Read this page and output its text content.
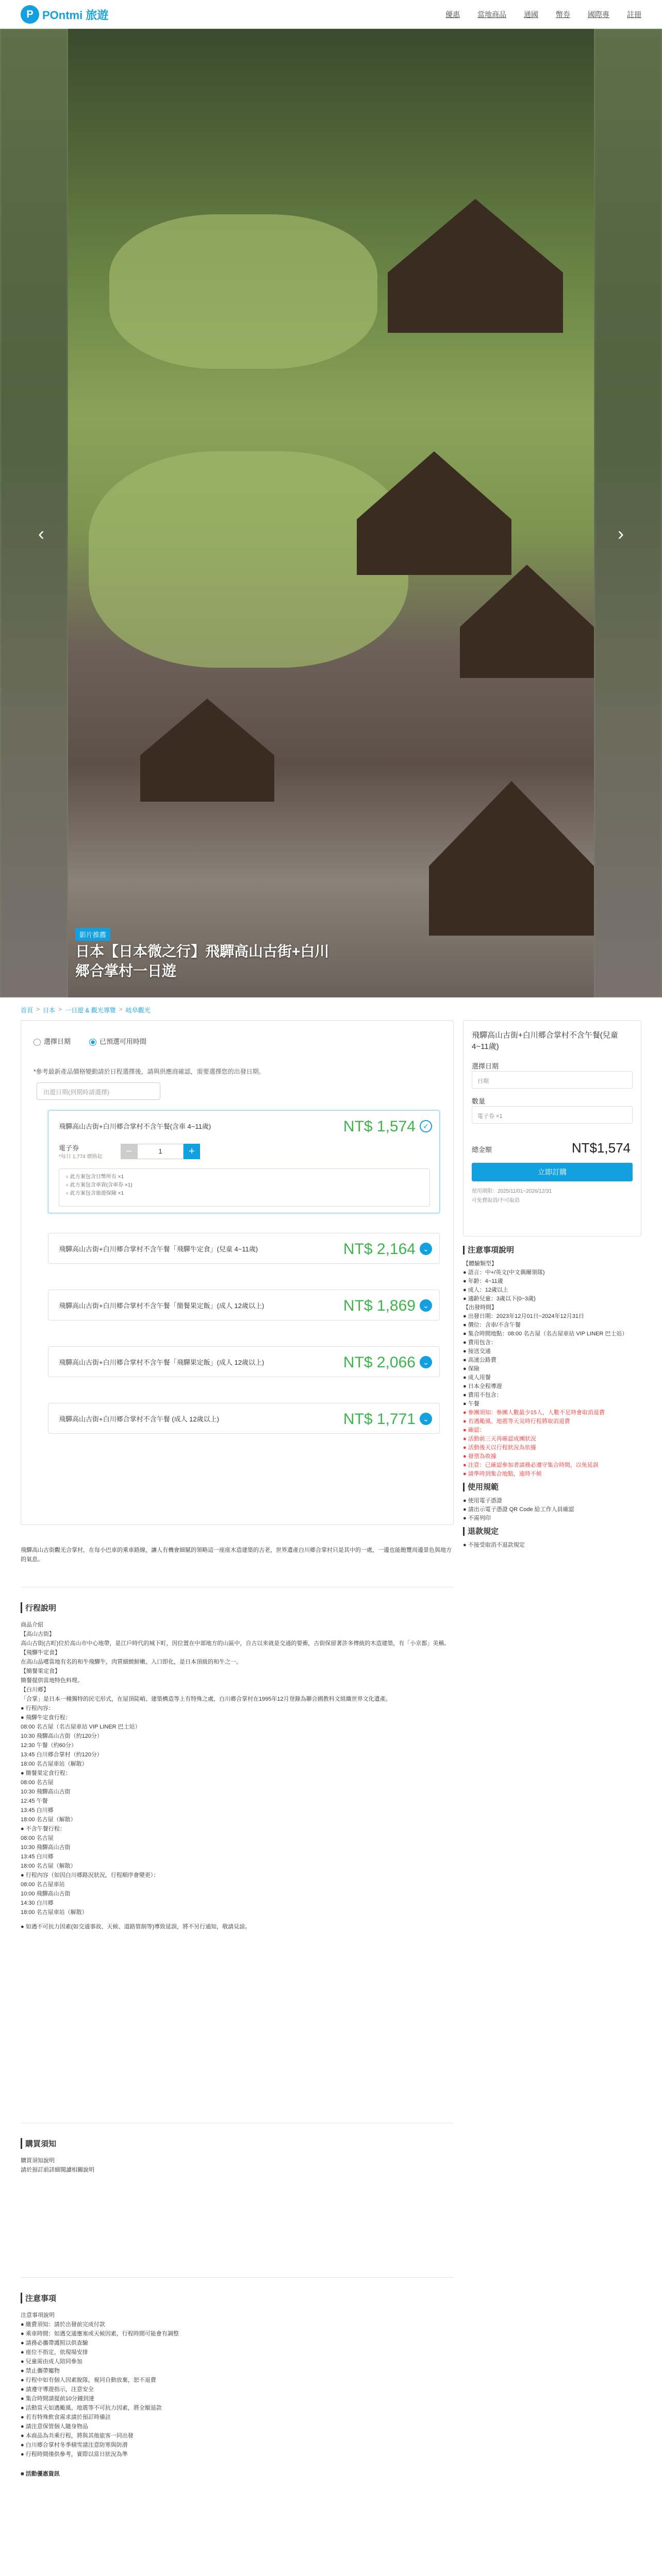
P POntmi 旅遊	優惠 當地商品 通國 幣券 國際專 註冊
‹	›
影片推薦
日本【日本微之行】飛驒高山古街+白川郷合掌村一日遊
首頁 > 日本 > 一日遊 & 觀光導覽 > 岐阜觀光
選擇日期	已預選可用時間
*參考最新產品價格變動請於日程選擇後，請與供應商確認，需要選擇您的出發日期。
出遊日期(到期時請選擇)
飛驒高山古街+白川郷合掌村不含午餐(含車 4~11歲)	NT$ 1,574	✓
電子券
*每日 1,774 價格起	−	1	+
○ 此方案包含日幣所有 ×1
○ 此方案包含車資(含車券 ×1)
○ 此方案包含旅遊保險 ×1
飛驒高山古街+白川郷合掌村不含午餐「飛驒牛定食」(兒童 4~11歲)	NT$ 2,164	⌄
飛驒高山古街+白川郷合掌村不含午餐「簡餐果定飯」(成人 12歲以上)	NT$ 1,869	⌄
飛驒高山古街+白川郷合掌村不含午餐「飛驒果定飯」(成人 12歲以上)	NT$ 2,066	⌄
飛驒高山古街+白川郷合掌村不含午餐 (成人 12歲以上)	NT$ 1,771	⌄
飛驒高山古街+白川郷合掌村不含午餐(兒童 4~11歲)
選擇日期
日期
數量
電子券 ×1
總金額	NT$1,574
立即訂購
使用期限：2025/11/01~2026/12/31
可免費取消/不可取消
注意事項說明
【體驗類型】
● 語言：中+/英文(中文偶爾領隊)
● 年齡：4~11歲
● 成人：12歲以上
● 適齡兒童：3歲以下(0~3歲)
【出發時間】
● 出發日期：2023年12月01日~2024年12月31日
● 價位：含車/不含午餐
● 集合時間地點：08:00 名古屋（名古屋車站 VIP LINER 巴士站）
● 費用包含：
● 接送交通
● 高速公路費
● 保險
● 成人用餐
● 日本全程導遊
● 費用不包含：
● 午餐
● 參團須知：參團人數最少15人，人數不足時會取消退費
● 若遇颱風、地震等天災時行程將取消退費
● 確認：
● 活動前三天再確認成團狀況
● 活動後天以行程狀況為依據
● 發票為收據
● 注意：已確認參加者請務必遵守集合時間，以免延誤
● 請準時到集合地點，逾時不候
使用規範
● 使用電子憑證
● 請出示電子憑證 QR Code 給工作人員確認
● 不需列印
退款規定
● 不接受取消不退款規定

飛驒高山古街觀光合掌村，在每小巴車的乘車路線，讓人有機會細膩的領略這一座座木造建築的古老，世界遺產白川郷合掌村只是其中的一處，一邊也能飽覽周邊景色與地方的氣息。

行程說明
商品介紹
【高山古街】
高山古街(古町)位於高山市中心地帶，是江戶時代的城下町，因位置在中部地方的山區中，自古以來就是交通的要衝，古街保留著許多傳統的木造建築，有「小京都」美稱。
【飛驒牛定食】
在高山品嚐當地有名的和牛飛驒牛，肉質細緻鮮嫩、入口即化，是日本頂級的和牛之一。
【簡餐果定食】
簡餐提供當地特色料理。
【白川郷】
「合掌」是日本一種獨特的民宅形式，在屋頂陡峭、建築構造等上有特殊之處，白川郷合掌村在1995年12月登錄為聯合國教科文組織世界文化遺產。
● 行程內容：
● 飛驒牛定食行程：
08:00 名古屋（名古屋車站 VIP LINER 巴士站）
10:30 飛驒高山古街（約120分）
12:30 午餐（約60分）
13:45 白川郷合掌村（約120分）
18:00 名古屋車站（解散）
● 簡餐果定食行程：
08:00 名古屋
10:30 飛驒高山古街
12:45 午餐
13:45 白川郷
18:00 名古屋（解散）
● 不含午餐行程：
08:00 名古屋
10:30 飛驒高山古街
13:45 白川郷
18:00 名古屋（解散）
● 行程內容（如因白川郷路況狀況，行程順序會變更）：
08:00 名古屋車站
10:00 飛驒高山古街
14:30 白川郷
18:00 名古屋車站（解散）

● 如遇不可抗力因素(如交通事故、天候、道路管制等)導致延誤，將不另行通知，敬請見諒。

購買須知
購買須知說明
請於預訂前詳細閱讀相關說明
注意事項
注意事項說明
● 繳費須知：請於出發前完成付款
● 乘車時間：如遇交通壅塞或天候因素，行程時間可能會有調整
● 請務必攜帶護照以供查驗
● 座位不指定，依現場安排
● 兒童需由成人陪同參加
● 禁止攜帶寵物
● 行程中如有個人因素脫隊，視同自動放棄，恕不退費
● 請遵守導遊指示，注意安全
● 集合時間請提前10分鐘到達
● 活動當天如遇颱風、地震等不可抗力因素，將全額退款
● 若有特殊飲食需求請於預訂時備註
● 請注意保管個人隨身物品
● 本商品為共乘行程，將與其他旅客一同出發
● 白川郷合掌村冬季積雪請注意防寒與防滑
● 行程時間僅供參考，實際以當日狀況為準

■ 活動優惠資訊
